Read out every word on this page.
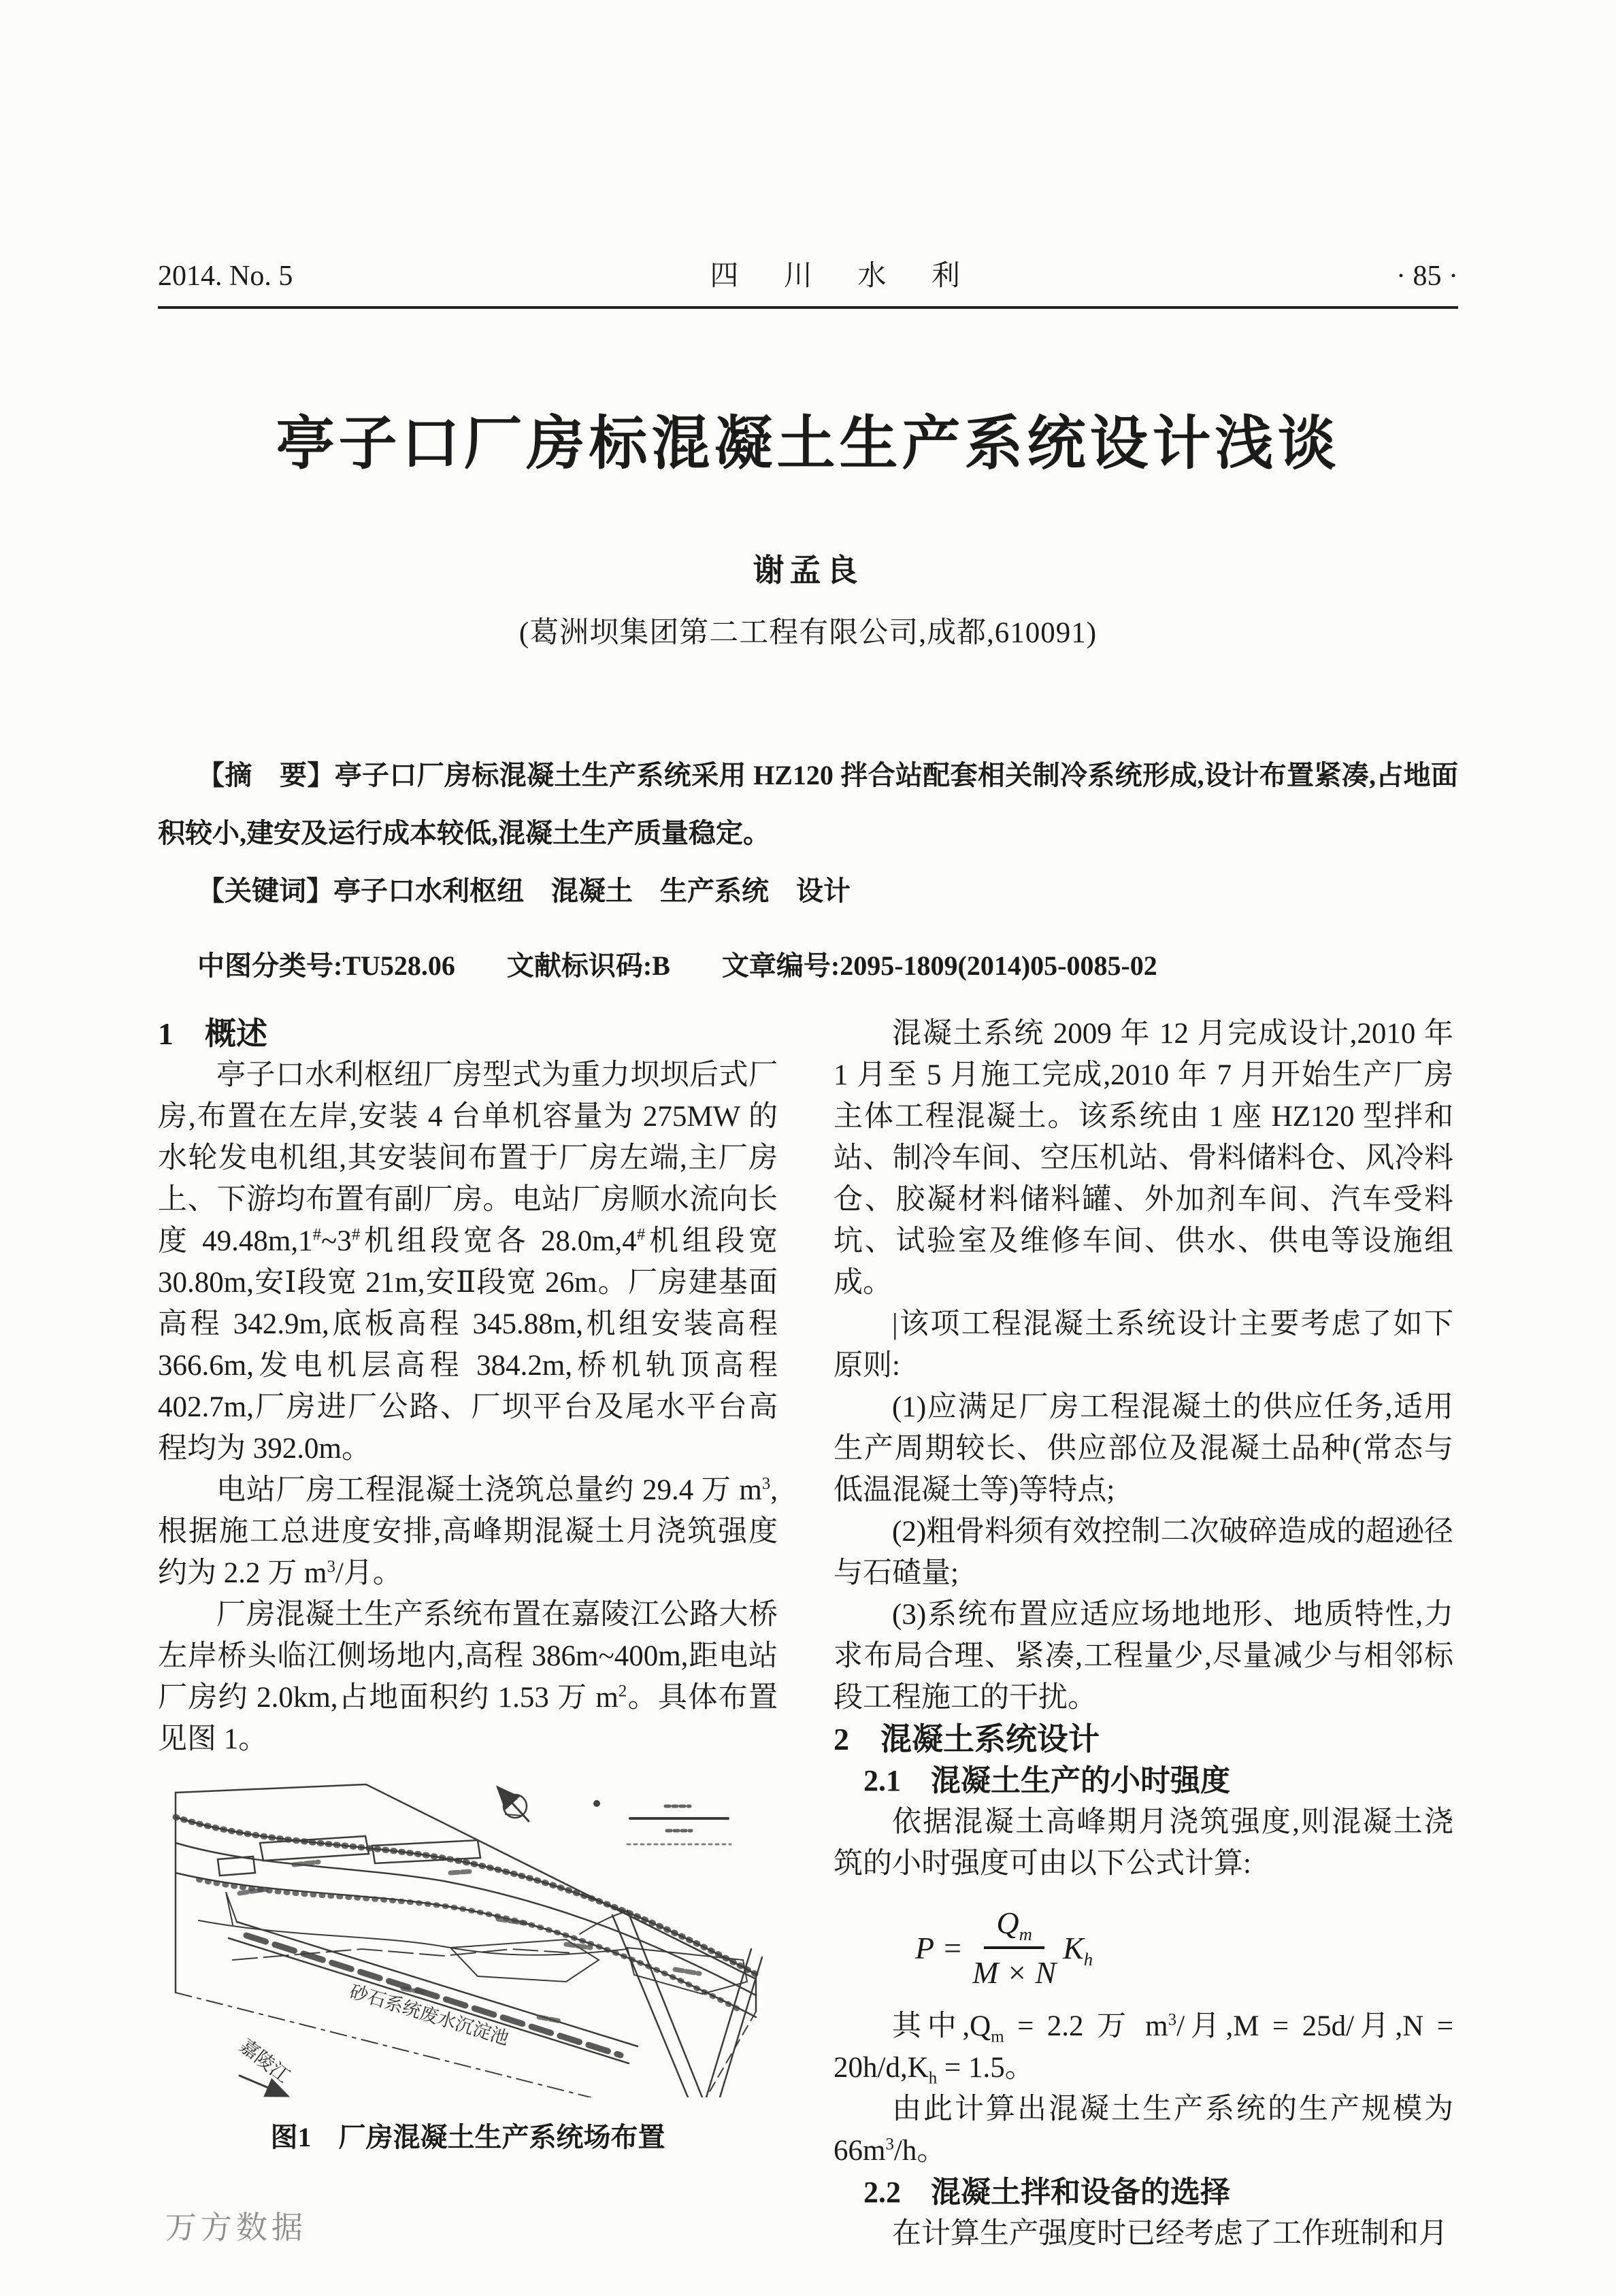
2014. No. 5	四 川 水 利	· 85 ·
亭子口厂房标混凝土生产系统设计浅谈
谢孟良
(葛洲坝集团第二工程有限公司,成都,610091)

【摘　要】亭子口厂房标混凝土生产系统采用 HZ120 拌合站配套相关制冷系统形成,设计布置紧凑,占地面积较小,建安及运行成本较低,混凝土生产质量稳定。

【关键词】亭子口水利枢纽　混凝土　生产系统　设计

中图分类号:TU528.06 文献标识码:B 文章编号:2095-1809(2014)05-0085-02
1　概述

亭子口水利枢纽厂房型式为重力坝坝后式厂房,布置在左岸,安装 4 台单机容量为 275MW 的水轮发电机组,其安装间布置于厂房左端,主厂房上、下游均布置有副厂房。电站厂房顺水流向长度 49.48m,1#~3#机组段宽各 28.0m,4#机组段宽 30.80m,安Ⅰ段宽 21m,安Ⅱ段宽 26m。厂房建基面高程 342.9m,底板高程 345.88m,机组安装高程 366.6m,发电机层高程 384.2m,桥机轨顶高程 402.7m,厂房进厂公路、厂坝平台及尾水平台高程均为 392.0m。

电站厂房工程混凝土浇筑总量约 29.4 万 $m^3$,根据施工总进度安排,高峰期混凝土月浇筑强度约为 2.2 万 $m^3/$月。

厂房混凝土生产系统布置在嘉陵江公路大桥左岸桥头临江侧场地内,高程 386m~400m,距电站厂房约 2.0km,占地面积约 1.53 万 $m^2$。具体布置见图 1。

砂石系统废水沉淀池
嘉陵江
图1　厂房混凝土生产系统场布置

混凝土系统 2009 年 12 月完成设计,2010 年 1 月至 5 月施工完成,2010 年 7 月开始生产厂房主体工程混凝土。该系统由 1 座 HZ120 型拌和站、制冷车间、空压机站、骨料储料仓、风冷料仓、胶凝材料储料罐、外加剂车间、汽车受料坑、试验室及维修车间、供水、供电等设施组成。

|该项工程混凝土系统设计主要考虑了如下原则:

(1)应满足厂房工程混凝土的供应任务,适用生产周期较长、供应部位及混凝土品种(常态与低温混凝土等)等特点;

(2)粗骨料须有效控制二次破碎造成的超逊径与石碴量;

(3)系统布置应适应场地地形、地质特性,力求布局合理、紧凑,工程量少,尽量减少与相邻标段工程施工的干扰。

2　混凝土系统设计
2.1　混凝土生产的小时强度

依据混凝土高峰期月浇筑强度,则混凝土浇筑的小时强度可由以下公式计算:

$P = \frac{Q_m}{M \times N} K_h$

其中$,Q_m = 2.2$ 万 $m^3/$月,M = 25d/月$,N = 20h/d,K_h = 1.5$。

由此计算出混凝土生产系统的生产规模为 $66m^3/h$。

2.2　混凝土拌和设备的选择

在计算生产强度时已经考虑了工作班制和月

万方数据
